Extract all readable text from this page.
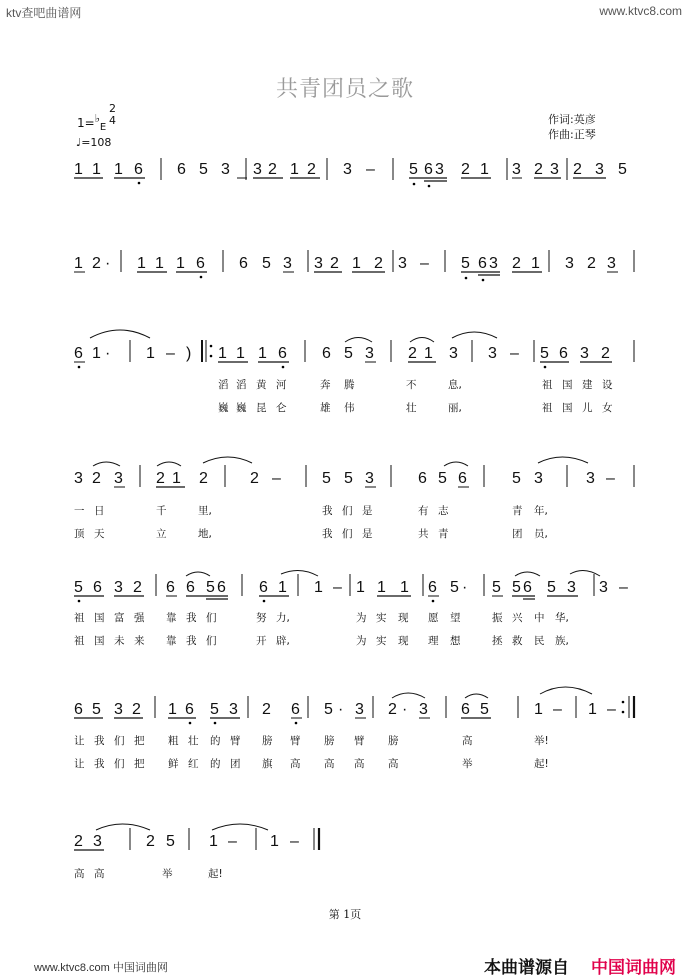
ktv查吧曲谱网	www.ktvc8.com
共青团员之歌
$1=^♭_E$
2
4
♩=108
作词:英彦
作曲:正琴
1 1 1 6 6 5 3 3 2 1 2 3 – 5 6 3 2 1 3 2 3 2 3 5
1 2 · 1 1 1 6 6 5 3 3 2 1 2 3 – 5 6 3 2 1 3 2 3
6 1 · 1 – ) 1 1 1 6 6 5 3 2 1 3 3 – 5 6 3 2
3 2 3 2 1 2	2 –	5 5 3	6 5 6	5 3	3 –
5 6 3 2 6 6 5 6 6 1 1 – 1 1 1 6 5 · 5 5 6 5 3 3 –
6 5 3 2 1 6 5 3 2 6 5 · 3 2 · 3 6 5	1 – 1 –
2 3	2 5 1 – 1 –
滔 滔 黄 河	奔 腾	不	息,	祖 国 建 设
巍 巍 昆 仑	雄 伟	壮	丽,	祖 国 儿 女
一 日	千	里,	我 们 是	有 志	青 年,
顶 天	立	地,	我 们 是	共 青	团 员,
祖 国 富 强 靠 我 们	努 力,	为 实 现 愿 望	振 兴 中 华,
祖 国 未 来 靠 我 们	开 辟,	为 实 现 理 想	拯 救 民 族,
让 我 们 把 粗 壮 的 臂 膀 臂 膀 臂 膀	高	举!
让 我 们 把 鲜 红 的 团 旗 高 高 高 高	举	起!
高 高	举	起!
第 1页
www.ktvc8.com 中国词曲网	本曲谱源自 中国词曲网
